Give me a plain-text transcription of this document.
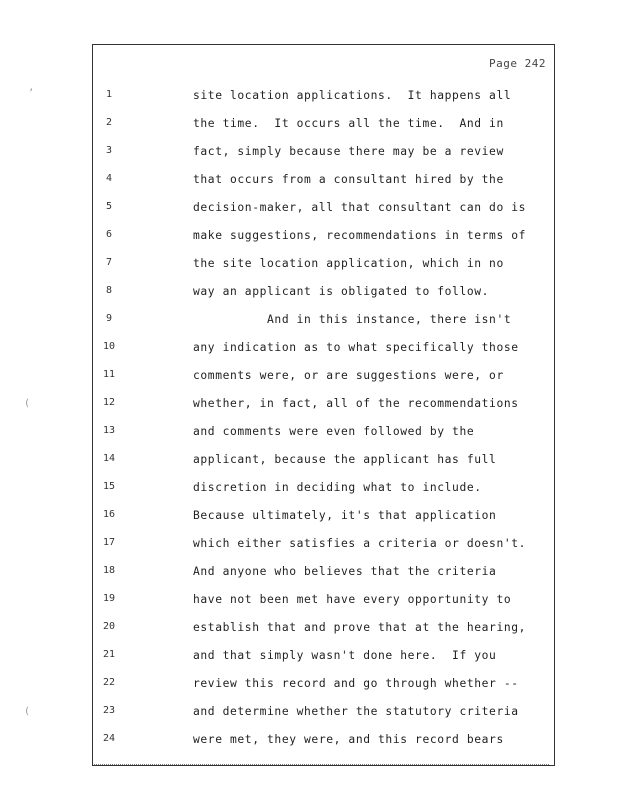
Page 242
1	site location applications.  It happens all
2	the time.  It occurs all the time.  And in
3	fact, simply because there may be a review
4	that occurs from a consultant hired by the
5	decision-maker, all that consultant can do is
6	make suggestions, recommendations in terms of
7	the site location application, which in no
8	way an applicant is obligated to follow.
9	And in this instance, there isn't
10	any indication as to what specifically those
11	comments were, or are suggestions were, or
12	whether, in fact, all of the recommendations
13	and comments were even followed by the
14	applicant, because the applicant has full
15	discretion in deciding what to include.
16	Because ultimately, it's that application
17	which either satisfies a criteria or doesn't.
18	And anyone who believes that the criteria
19	have not been met have every opportunity to
20	establish that and prove that at the hearing,
21	and that simply wasn't done here.  If you
22	review this record and go through whether --
23	and determine whether the statutory criteria
24	were met, they were, and this record bears
’
(
(
